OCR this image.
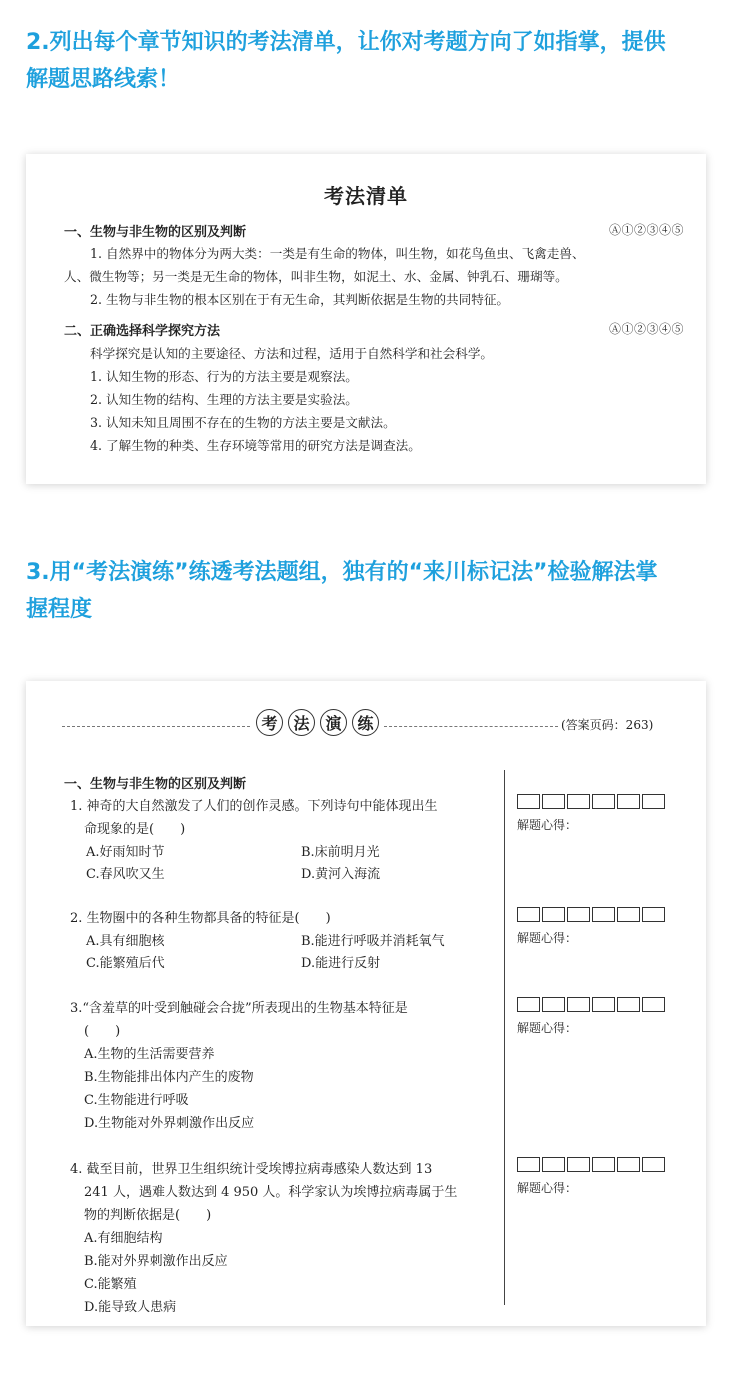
2.列出每个章节知识的考法清单，让你对考题方向了如指掌，提供
解题思路线索！
考法清单
一、生物与非生物的区别及判断	Ⓐ①②③④⑤
1. 自然界中的物体分为两大类：一类是有生命的物体，叫生物，如花鸟鱼虫、飞禽走兽、
人、微生物等；另一类是无生命的物体，叫非生物，如泥土、水、金属、钟乳石、珊瑚等。
2. 生物与非生物的根本区别在于有无生命，其判断依据是生物的共同特征。
二、正确选择科学探究方法	Ⓐ①②③④⑤
科学探究是认知的主要途径、方法和过程，适用于自然科学和社会科学。
1. 认知生物的形态、行为的方法主要是观察法。
2. 认知生物的结构、生理的方法主要是实验法。
3. 认知未知且周围不存在的生物的方法主要是文献法。
4. 了解生物的种类、生存环境等常用的研究方法是调查法。
3.用“考法演练”练透考法题组，独有的“来川标记法”检验解法掌
握程度
考 法 演 练	(答案页码：263)
一、生物与非生物的区别及判断
1. 神奇的大自然激发了人们的创作灵感。下列诗句中能体现出生
命现象的是(　　)
A.好雨知时节	B.床前明月光
C.春风吹又生	D.黄河入海流
解题心得：
2. 生物圈中的各种生物都具备的特征是(　　)
A.具有细胞核	B.能进行呼吸并消耗氧气
C.能繁殖后代	D.能进行反射
解题心得：
3.“含羞草的叶受到触碰会合拢”所表现出的生物基本特征是
(　　)
A.生物的生活需要营养
B.生物能排出体内产生的废物
C.生物能进行呼吸
D.生物能对外界刺激作出反应
解题心得：
4. 截至目前，世界卫生组织统计受埃博拉病毒感染人数达到 13
241 人，遇难人数达到 4 950 人。科学家认为埃博拉病毒属于生
物的判断依据是(　　)
A.有细胞结构
B.能对外界刺激作出反应
C.能繁殖
D.能导致人患病
解题心得：
